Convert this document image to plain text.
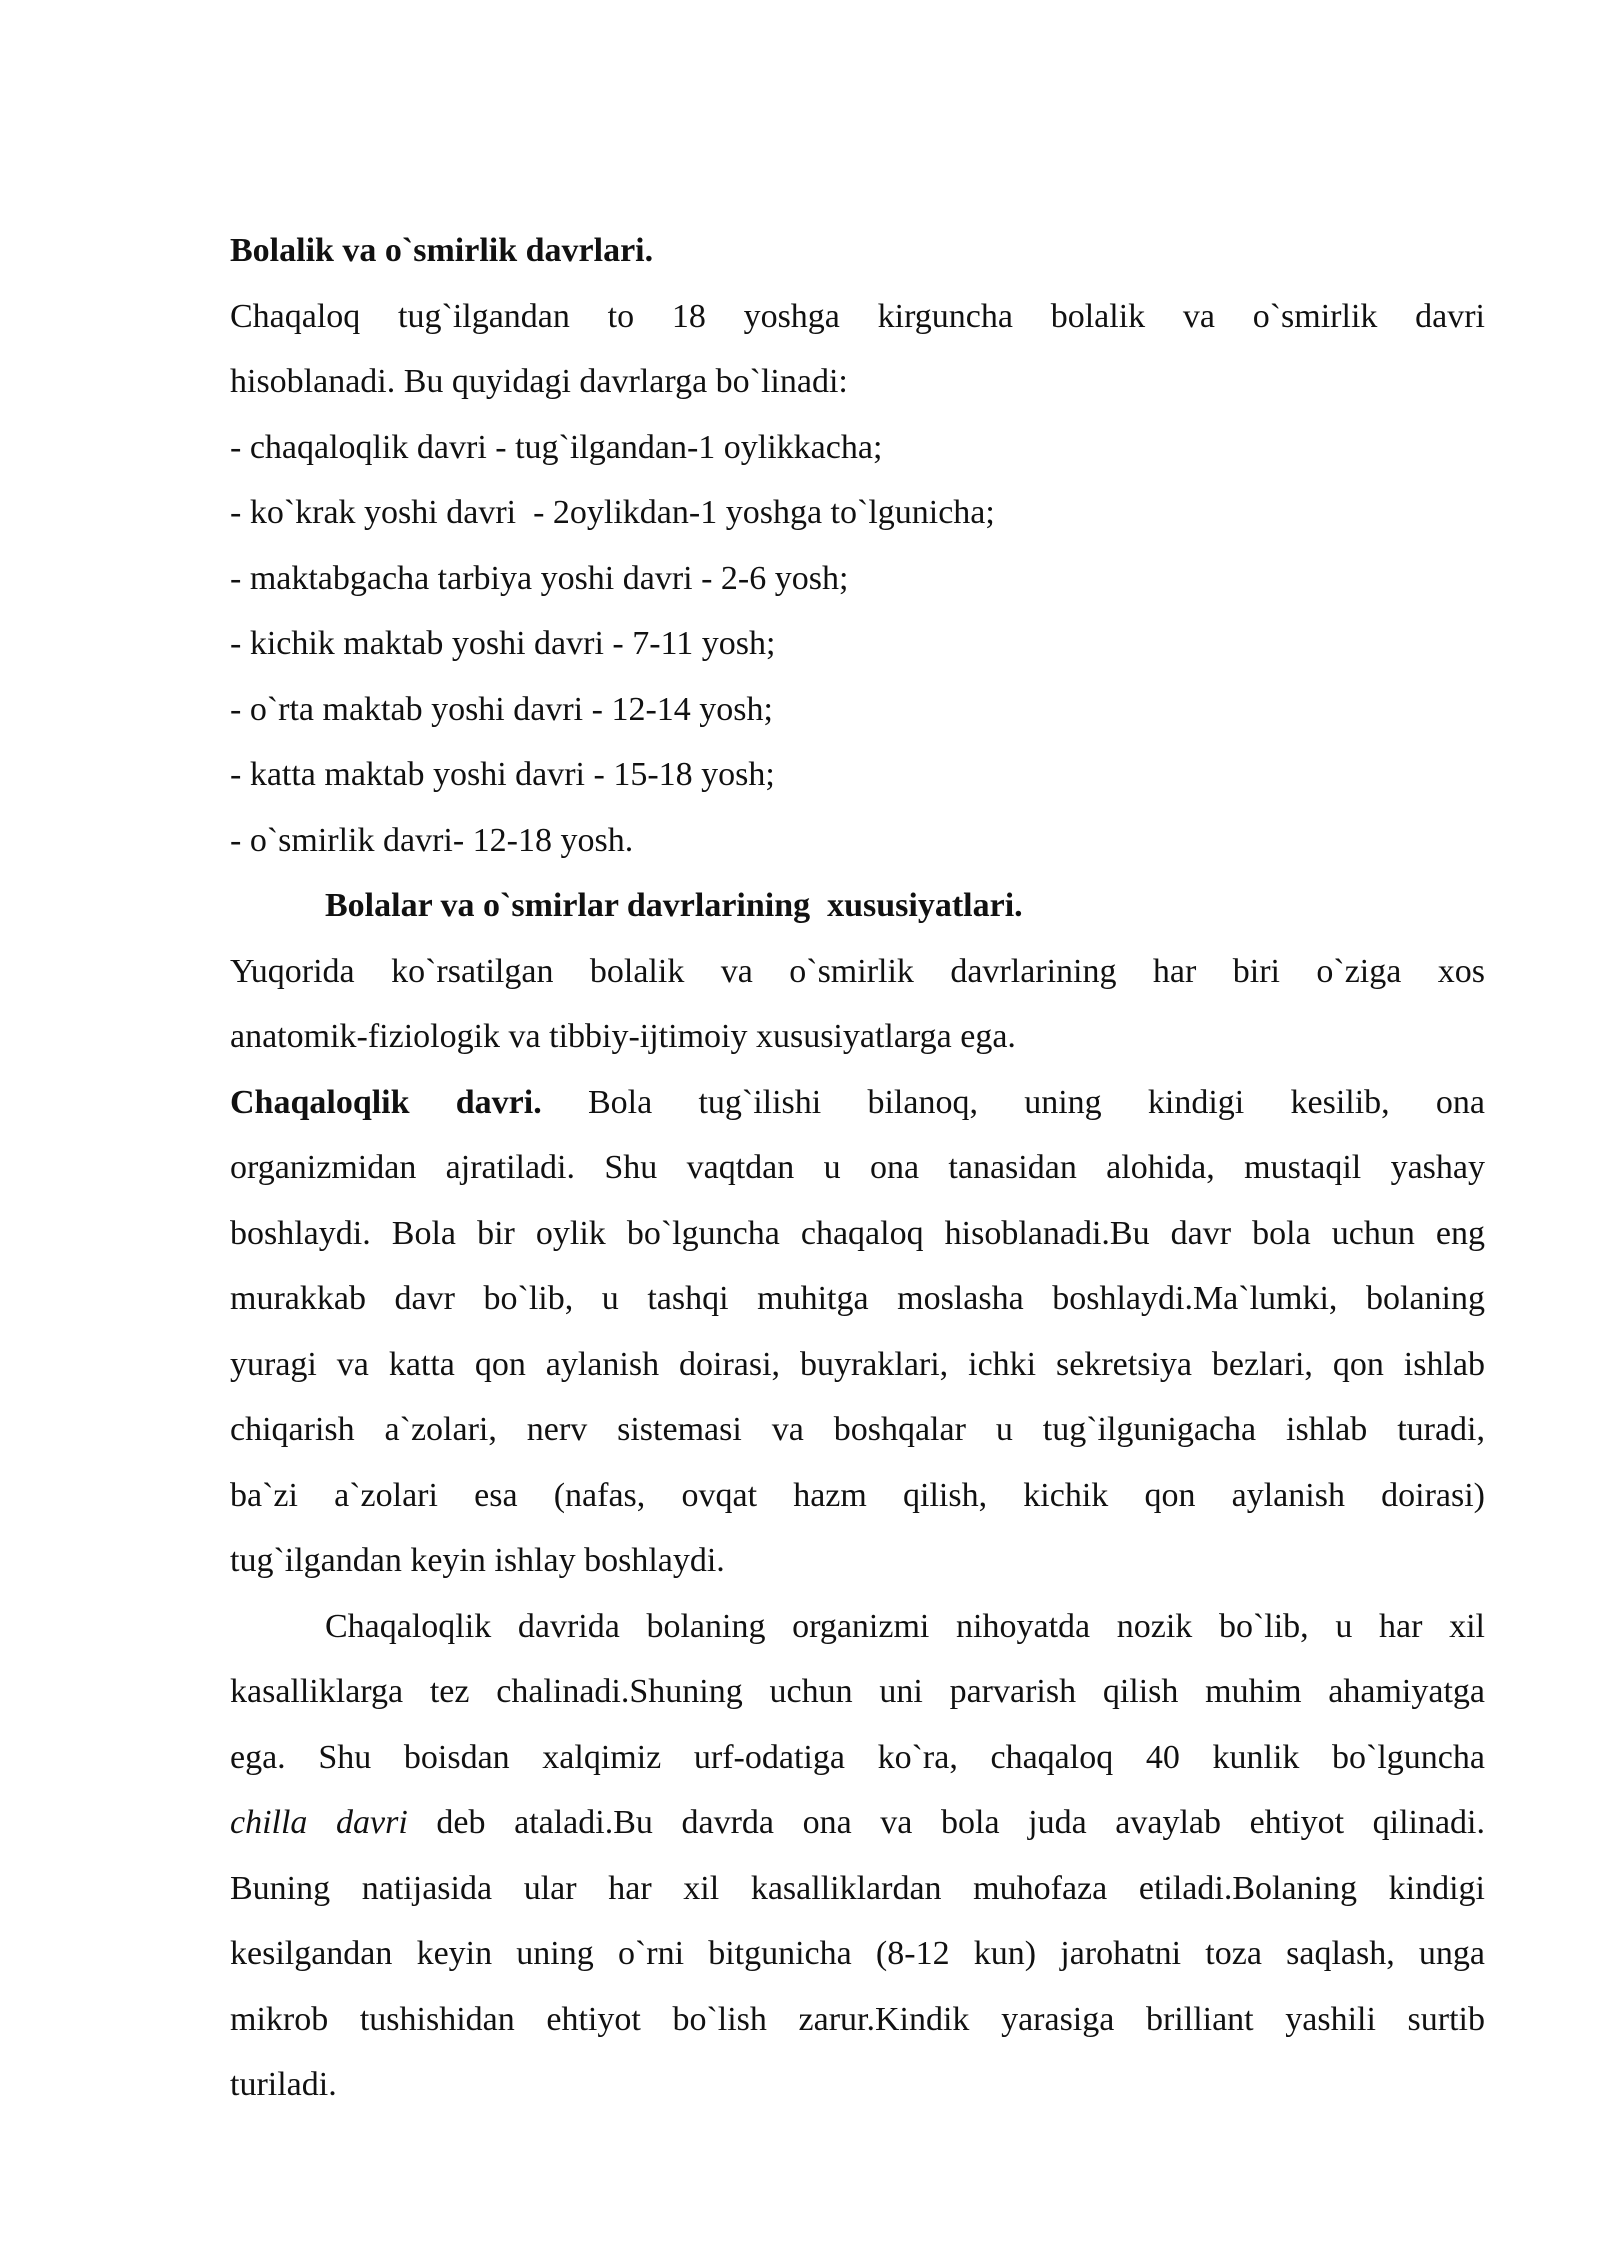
Bolalik va o`smirlik davrlari.

Chaqaloq tug`ilgandan to 18 yoshga kirguncha bolalik va o`smirlik davri

hisoblanadi. Bu quyidagi davrlarga bo`linadi:

- chaqaloqlik davri - tug`ilgandan-1 oylikkacha;

- ko`krak yoshi davri  - 2oylikdan-1 yoshga to`lgunicha;

- maktabgacha tarbiya yoshi davri - 2-6 yosh;

- kichik maktab yoshi davri - 7-11 yosh;

- o`rta maktab yoshi davri - 12-14 yosh;

- katta maktab yoshi davri - 15-18 yosh;

- o`smirlik davri- 12-18 yosh.

Bolalar va o`smirlar davrlarining  xususiyatlari.

Yuqorida ko`rsatilgan bolalik va o`smirlik davrlarining har biri o`ziga xos

anatomik-fiziologik va tibbiy-ijtimoiy xususiyatlarga ega.

Chaqaloqlik davri. Bola tug`ilishi bilanoq, uning kindigi kesilib, ona

organizmidan ajratiladi. Shu vaqtdan u ona tanasidan alohida, mustaqil yashay

boshlaydi. Bola bir oylik bo`lguncha chaqaloq hisoblanadi.Bu davr bola uchun eng

murakkab davr bo`lib, u tashqi muhitga moslasha boshlaydi.Ma`lumki, bolaning

yuragi va katta qon aylanish doirasi, buyraklari, ichki sekretsiya bezlari, qon ishlab

chiqarish a`zolari, nerv sistemasi va boshqalar u tug`ilgunigacha ishlab turadi,

ba`zi a`zolari esa (nafas, ovqat hazm qilish, kichik qon aylanish doirasi)

tug`ilgandan keyin ishlay boshlaydi.

Chaqaloqlik davrida bolaning organizmi nihoyatda nozik bo`lib, u har xil

kasalliklarga tez chalinadi.Shuning uchun uni parvarish qilish muhim ahamiyatga

ega. Shu boisdan xalqimiz urf-odatiga ko`ra, chaqaloq 40 kunlik bo`lguncha

chilla davri deb ataladi.Bu davrda ona va bola juda avaylab ehtiyot qilinadi.

Buning natijasida ular har xil kasalliklardan muhofaza etiladi.Bolaning kindigi

kesilgandan keyin uning o`rni bitgunicha (8-12 kun) jarohatni toza saqlash, unga

mikrob tushishidan ehtiyot bo`lish zarur.Kindik yarasiga brilliant yashili surtib

turiladi.
